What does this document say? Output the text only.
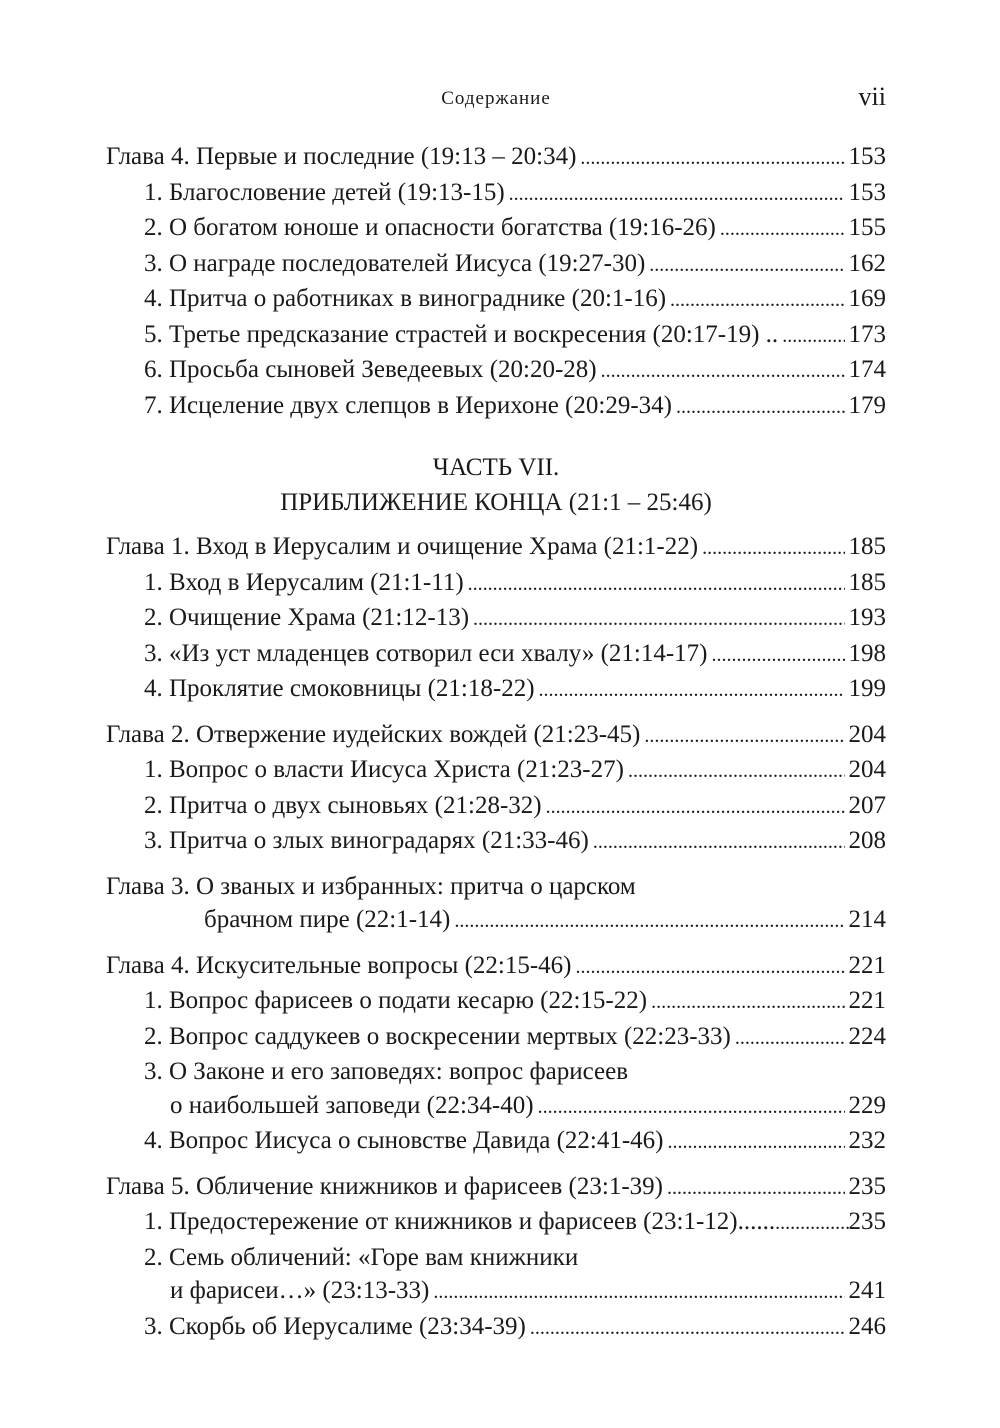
Содержание	vii
Глава 4. Первые и последние (19:13 – 20:34) . . .	153
1. Благословение детей (19:13-15) . . .	153
2. О богатом юноше и опасности богатства (19:16-26) . . .	155
3. О награде последователей Иисуса (19:27-30) . . .	162
4. Притча о работниках в винограднике (20:1-16) . . .	169
5. Третье предсказание страстей и воскресения (20:17-19) .. . . .	173
6. Просьба сыновей Зеведеевых (20:20-28) . . .	174
7. Исцеление двух слепцов в Иерихоне (20:29-34) . . .	179
ЧАСТЬ VII.
ПРИБЛИЖЕНИЕ КОНЦА (21:1 – 25:46)
Глава 1. Вход в Иерусалим и очищение Храма (21:1-22) . . .	185
1. Вход в Иерусалим (21:1-11) . . .	185
2. Очищение Храма (21:12-13) . . .	193
3. «Из уст младенцев сотворил еси хвалу» (21:14-17) . . .	198
4. Проклятие смоковницы (21:18-22) . . .	199
Глава 2. Отвержение иудейских вождей (21:23-45) . . .	204
1. Вопрос о власти Иисуса Христа (21:23-27) . . .	204
2. Притча о двух сыновьях (21:28-32) . . .	207
3. Притча о злых виноградарях (21:33-46) . . .	208
Глава 3. О званых и избранных: притча о царском
брачном пире (22:1-14) . . .	214
Глава 4. Искусительные вопросы (22:15-46) . . .	221
1. Вопрос фарисеев о подати кесарю (22:15-22) . . .	221
2. Вопрос саддукеев о воскресении мертвых (22:23-33) . . .	224
3. О Законе и его заповедях: вопрос фарисеев
о наибольшей заповеди (22:34-40) . . .	229
4. Вопрос Иисуса о сыновстве Давида (22:41-46) . . .	232
Глава 5. Обличение книжников и фарисеев (23:1-39) . . .	235
1. Предостережение от книжников и фарисеев (23:1-12)...... . . .	235
2. Семь обличений: «Горе вам книжники
и фарисеи…» (23:13-33) . . .	241
3. Скорбь об Иерусалиме (23:34-39) . . .	246
